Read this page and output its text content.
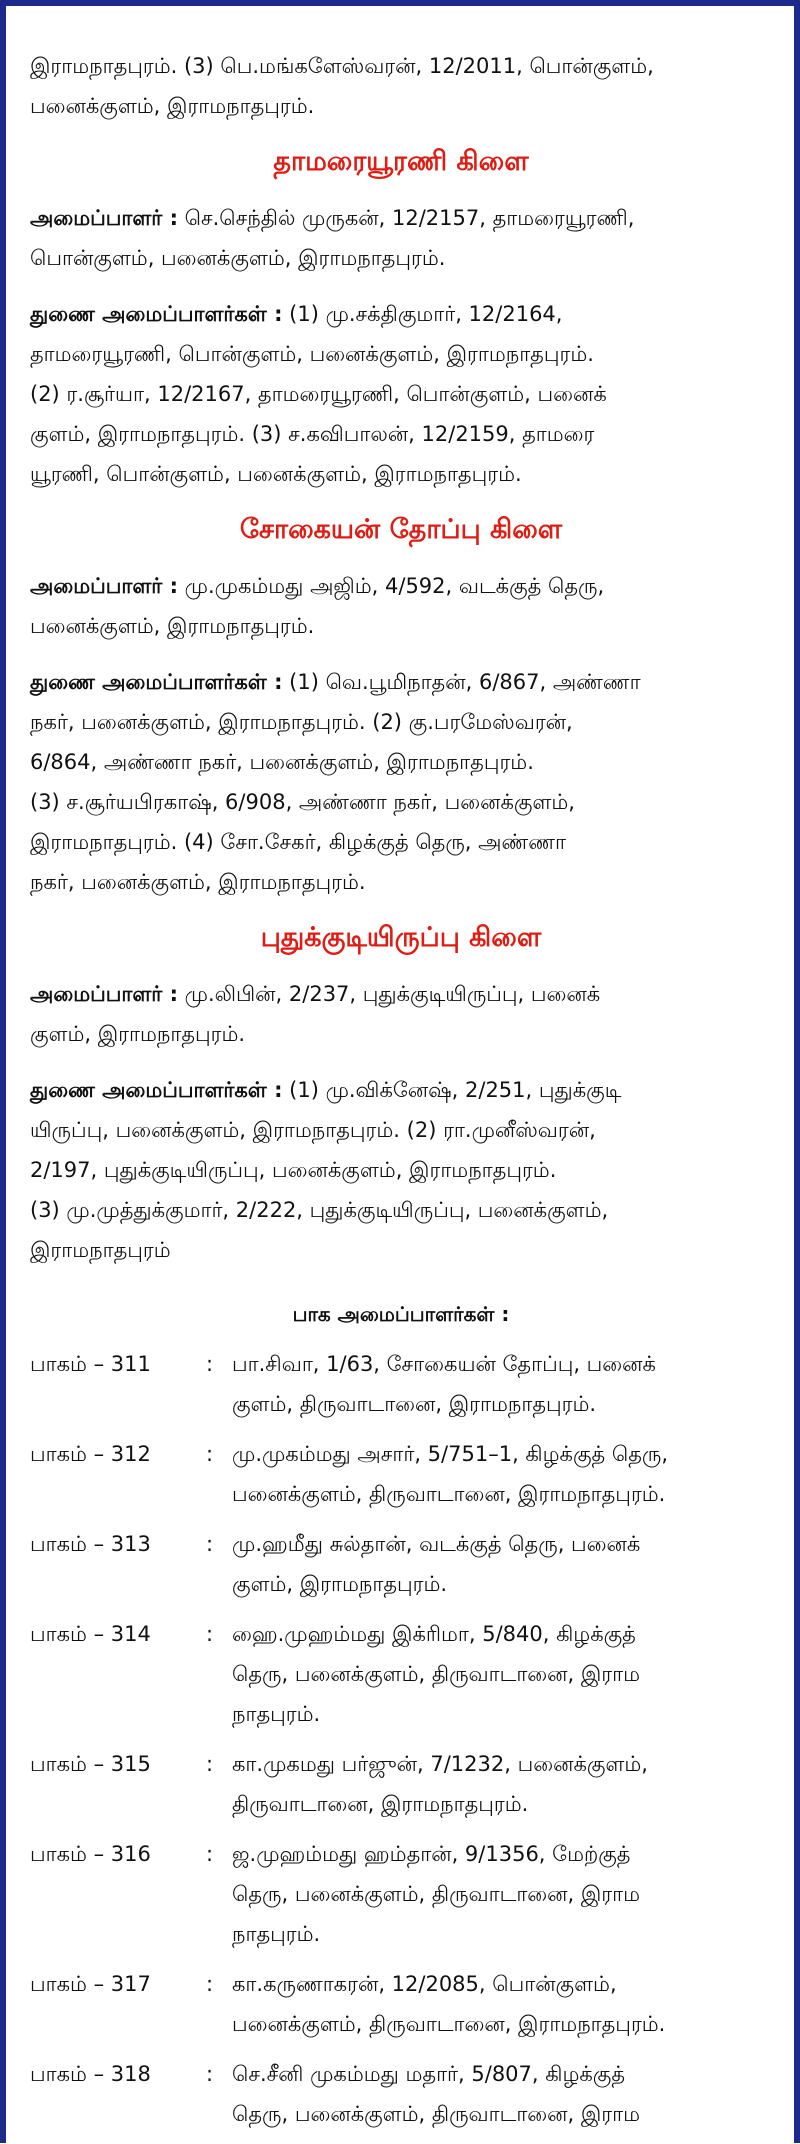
இராமநாதபுரம். (3) பெ.மங்களேஸ்வரன், 12/2011, பொன்குளம்,
பனைக்குளம், இராமநாதபுரம்.

தாமரையூரணி கிளை

அமைப்பாளர் : செ.செந்தில் முருகன், 12/2157, தாமரையூரணி,
பொன்குளம், பனைக்குளம், இராமநாதபுரம்.

துணை அமைப்பாளர்கள் : (1) மு.சக்திகுமார், 12/2164,
தாமரையூரணி, பொன்குளம், பனைக்குளம், இராமநாதபுரம்.
(2) ர.சூர்யா, 12/2167, தாமரையூரணி, பொன்குளம், பனைக்
குளம், இராமநாதபுரம். (3) ச.கவிபாலன், 12/2159, தாமரை
யூரணி, பொன்குளம், பனைக்குளம், இராமநாதபுரம்.

சோகையன் தோப்பு கிளை

அமைப்பாளர் : மு.முகம்மது அஜிம், 4/592, வடக்குத் தெரு,
பனைக்குளம், இராமநாதபுரம்.

துணை அமைப்பாளர்கள் : (1) வெ.பூமிநாதன், 6/867, அண்ணா
நகர், பனைக்குளம், இராமநாதபுரம். (2) கு.பரமேஸ்வரன்,
6/864, அண்ணா நகர், பனைக்குளம், இராமநாதபுரம்.
(3) ச.சூர்யபிரகாஷ், 6/908, அண்ணா நகர், பனைக்குளம்,
இராமநாதபுரம். (4) சோ.சேகர், கிழக்குத் தெரு, அண்ணா
நகர், பனைக்குளம், இராமநாதபுரம்.

புதுக்குடியிருப்பு கிளை

அமைப்பாளர் : மு.லிபின், 2/237, புதுக்குடியிருப்பு, பனைக்
குளம், இராமநாதபுரம்.

துணை அமைப்பாளர்கள் : (1) மு.விக்னேஷ், 2/251, புதுக்குடி
யிருப்பு, பனைக்குளம், இராமநாதபுரம். (2) ரா.முனீஸ்வரன்,
2/197, புதுக்குடியிருப்பு, பனைக்குளம், இராமநாதபுரம்.
(3) மு.முத்துக்குமார், 2/222, புதுக்குடியிருப்பு, பனைக்குளம்,
இராமநாதபுரம்

பாக அமைப்பாளர்கள் :
பாகம் – 311	: பா.சிவா, 1/63, சோகையன் தோப்பு, பனைக்
குளம், திருவாடானை, இராமநாதபுரம்.
பாகம் – 312	: மு.முகம்மது அசார், 5/751–1, கிழக்குத் தெரு,
பனைக்குளம், திருவாடானை, இராமநாதபுரம்.
பாகம் – 313	: மு.ஹமீது சுல்தான், வடக்குத் தெரு, பனைக்
குளம், இராமநாதபுரம்.
பாகம் – 314	: ஹை.முஹம்மது இக்ரிமா, 5/840, கிழக்குத்
தெரு, பனைக்குளம், திருவாடானை, இராம
நாதபுரம்.
பாகம் – 315	: கா.முகமது பர்ஜுன், 7/1232, பனைக்குளம்,
திருவாடானை, இராமநாதபுரம்.
பாகம் – 316	: ஜ.முஹம்மது ஹம்தான், 9/1356, மேற்குத்
தெரு, பனைக்குளம், திருவாடானை, இராம
நாதபுரம்.
பாகம் – 317	: கா.கருணாகரன், 12/2085, பொன்குளம்,
பனைக்குளம், திருவாடானை, இராமநாதபுரம்.
பாகம் – 318	: செ.சீனி முகம்மது மதார், 5/807, கிழக்குத்
தெரு, பனைக்குளம், திருவாடானை, இராம
